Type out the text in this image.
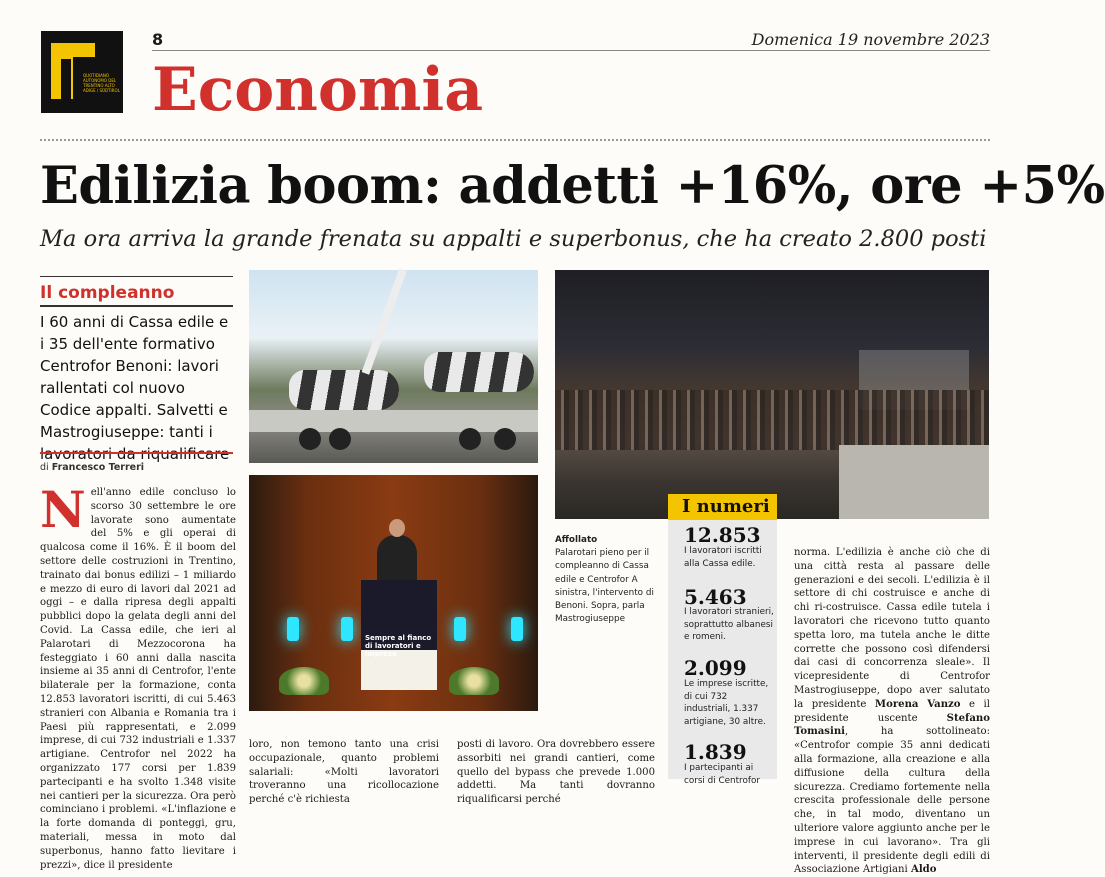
QUOTIDIANO AUTONOMO DEL TRENTINO ALTO ADIGE / SÜDTIROL
8	Domenica 19 novembre 2023
Economia
Edilizia boom: addetti +16%, ore +5%
Ma ora arriva la grande frenata su appalti e superbonus, che ha creato 2.800 posti
Il compleanno
I 60 anni di Cassa edile e i 35 dell'ente formativo Centrofor Benoni: lavori rallentati col nuovo Codice appalti. Salvetti e Mastrogiuseppe: tanti i lavoratori da riqualificare
di Francesco Terreri
Nell'anno edile concluso lo scorso 30 settembre le ore lavorate sono aumentate del 5% e gli operai di qualcosa come il 16%. È il boom del settore delle costruzioni in Trentino, trainato dai bonus edilizi – 1 miliardo e mezzo di euro di lavori dal 2021 ad oggi – e dalla ripresa degli appalti pubblici dopo la gelata degli anni del Covid. La Cassa edile, che ieri al Palarotari di Mezzocorona ha festeggiato i 60 anni dalla nascita insieme ai 35 anni di Centrofor, l'ente bilaterale per la formazione, conta 12.853 lavoratori iscritti, di cui 5.463 stranieri con Albania e Romania tra i Paesi più rappresentati, e 2.099 imprese, di cui 732 industriali e 1.337 artigiane. Centrofor nel 2022 ha organizzato 177 corsi per 1.839 partecipanti e ha svolto 1.348 visite nei cantieri per la sicurezza. Ora però cominciano i problemi. «L'inflazione e la forte domanda di ponteggi, gru, materiali, messa in moto dal superbonus, hanno fatto lievitare i prezzi», dice il presidente
Sempre al fianco di lavoratori e imprese
Affollato
Palarotari pieno per il compleanno di Cassa edile e Centrofor A sinistra, l'intervento di Benoni. Sopra, parla Mastrogiuseppe
I numeri
12.853
I lavoratori iscritti alla Cassa edile.
5.463
I lavoratori stranieri, soprattutto albanesi e romeni.
2.099
Le imprese iscritte, di cui 732 industriali, 1.337 artigiane, 30 altre.
1.839
I partecipanti ai corsi di Centrofor
norma. L'edilizia è anche ciò che di una città resta al passare delle generazioni e dei secoli. L'edilizia è il settore di chi costruisce e anche di chi ri-costruisce. Cassa edile tutela i lavoratori che ricevono tutto quanto spetta loro, ma tutela anche le ditte corrette che possono così difendersi dai casi di concorrenza sleale». Il vicepresidente di Centrofor Mastrogiuseppe, dopo aver salutato la presidente Morena Vanzo e il presidente uscente Stefano Tomasini, ha sottolineato: «Centrofor compie 35 anni dedicati alla formazione, alla creazione e alla diffusione della cultura della sicurezza. Crediamo fortemente nella crescita professionale delle persone che, in tal modo, diventano un ulteriore valore aggiunto anche per le imprese in cui lavorano». Tra gli interventi, il presidente degli edili di Associazione Artigiani Aldo
loro, non temono tanto una crisi occupazionale, quanto problemi salariali: «Molti lavoratori troveranno una ricollocazione perché c'è richiesta
posti di lavoro. Ora dovrebbero essere assorbiti nei grandi cantieri, come quello del bypass che prevede 1.000 addetti. Ma tanti dovranno riqualificarsi perché
